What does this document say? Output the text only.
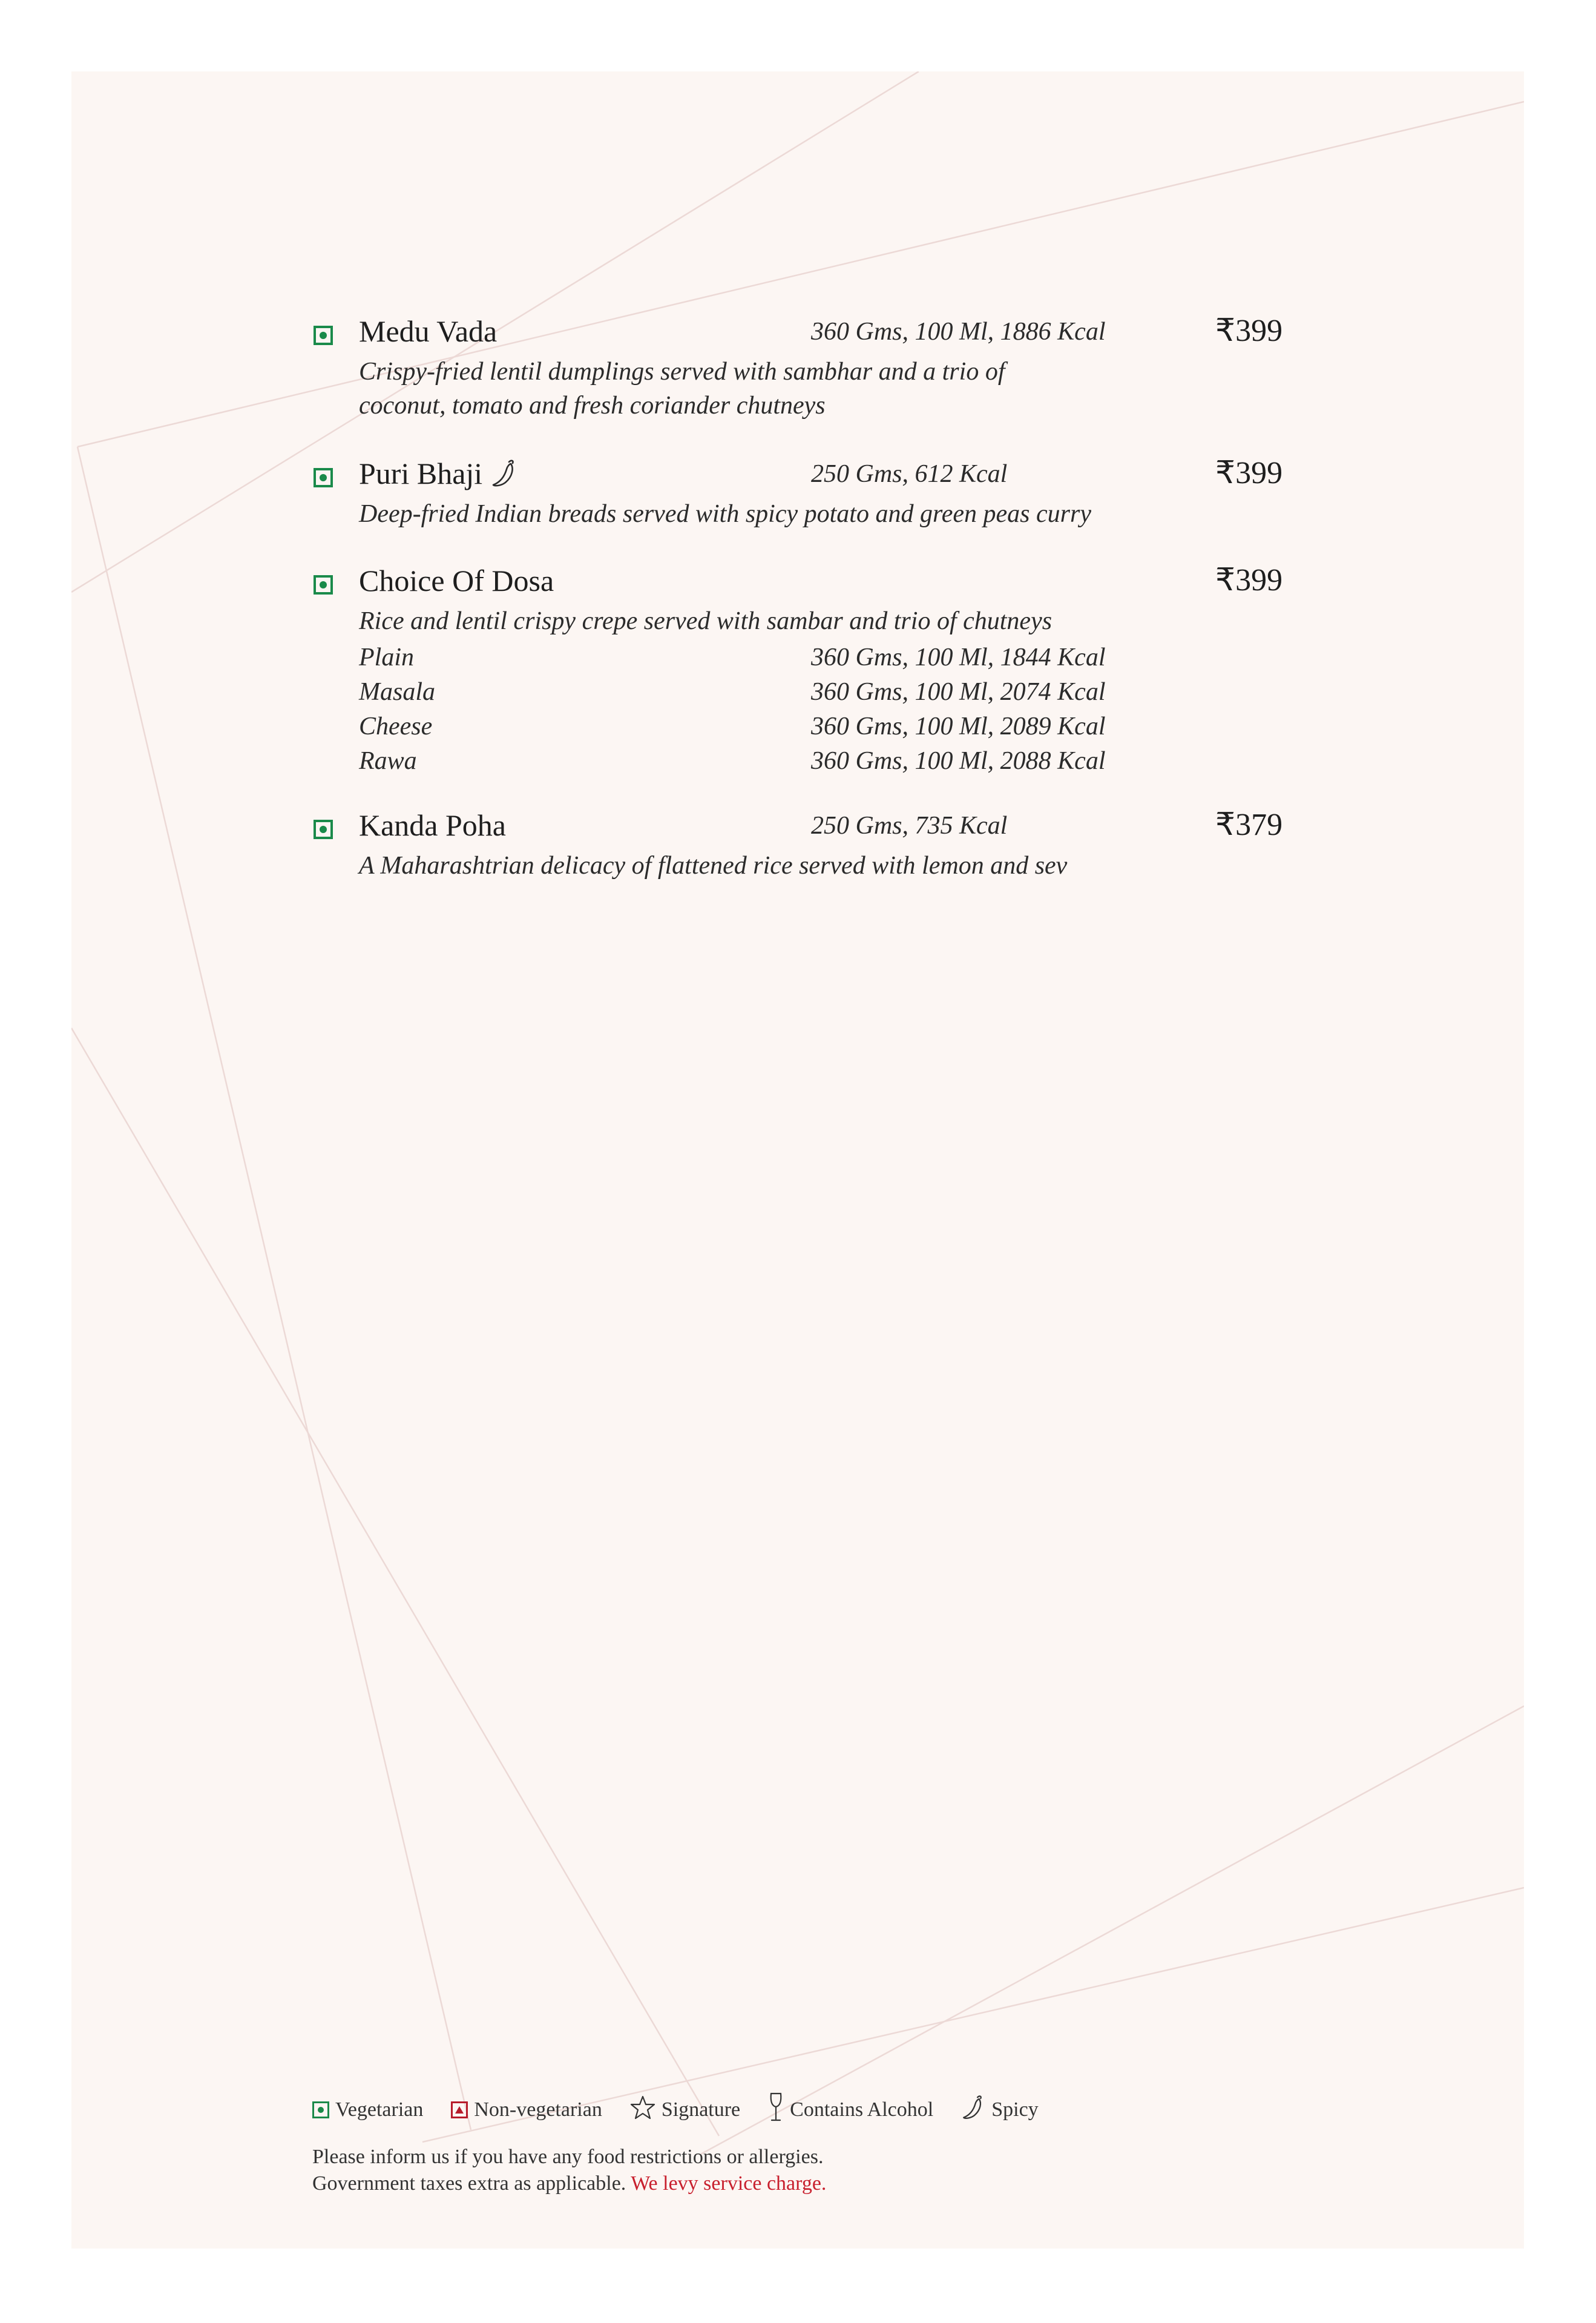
Medu Vada	360 Gms, 100 Ml, 1886 Kcal	₹399
Crispy-fried lentil dumplings served with sambhar and a trio of
coconut, tomato and fresh coriander chutneys
Puri Bhaji	250 Gms, 612 Kcal	₹399
Deep-fried Indian breads served with spicy potato and green peas curry
Choice Of Dosa	₹399
Rice and lentil crispy crepe served with sambar and trio of chutneys
Plain	360 Gms, 100 Ml, 1844 Kcal
Masala	360 Gms, 100 Ml, 2074 Kcal
Cheese	360 Gms, 100 Ml, 2089 Kcal
Rawa	360 Gms, 100 Ml, 2088 Kcal
Kanda Poha	250 Gms, 735 Kcal	₹379
A Maharashtrian delicacy of flattened rice served with lemon and sev
Vegetarian Non-vegetarian	Signature Contains Alcohol	Spicy
Please inform us if you have any food restrictions or allergies.
Government taxes extra as applicable. We levy service charge.
